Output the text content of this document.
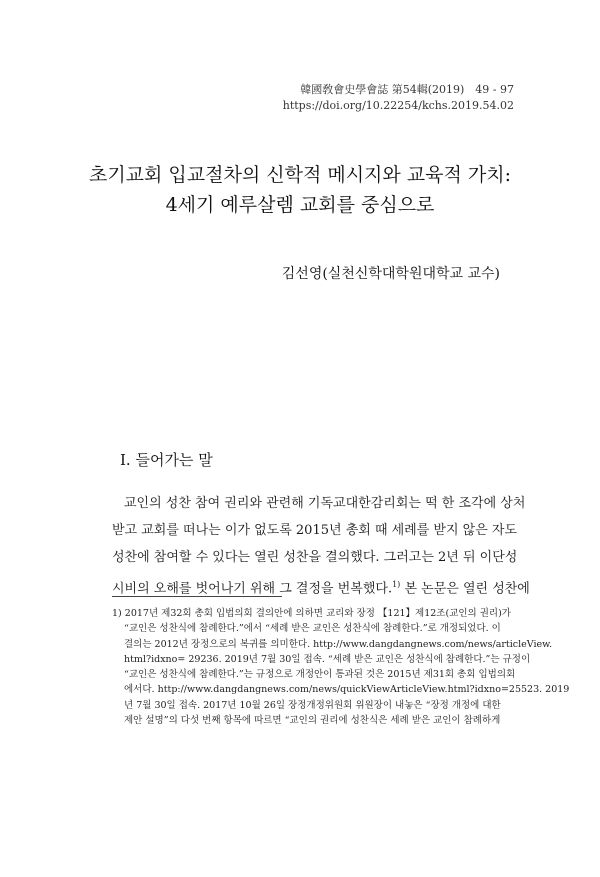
韓國敎會史學會誌 第54輯(2019)　49 - 97
https://doi.org/10.22254/kchs.2019.54.02
초기교회 입교절차의 신학적 메시지와 교육적 가치:
4세기 예루살렘 교회를 중심으로
김선영(실천신학대학원대학교 교수)
I. 들어가는 말
교인의 성찬 참여 권리와 관련해 기독교대한감리회는 떡 한 조각에 상처
받고 교회를 떠나는 이가 없도록 2015년 총회 때 세례를 받지 않은 자도
성찬에 참여할 수 있다는 열린 성찬을 결의했다. 그러고는 2년 뒤 이단성
시비의 오해를 벗어나기 위해 그 결정을 번복했다.$^{1)}$ 본 논문은 열린 성찬에
1) 2017년 제32회 총회 입법의회 결의안에 의하면 교리와 장정 【121】제12조(교인의 권리)가
“교인은 성찬식에 참례한다.”에서 “세례 받은 교인은 성찬식에 참례한다.”로 개정되었다. 이
결의는 2012년 장정으로의 복귀를 의미한다. http://www.dangdangnews.com/news/articleView.
html?idxno= 29236. 2019년 7월 30일 접속. “세례 받은 교인은 성찬식에 참례한다.”는 규정이
“교인은 성찬식에 참례한다.”는 규정으로 개정안이 통과된 것은 2015년 제31회 총회 입법의회
에서다. http://www.dangdangnews.com/news/quickViewArticleView.html?idxno=25523. 2019
년 7월 30일 접속. 2017년 10월 26일 장정개정위원회 위원장이 내놓은 “장정 개정에 대한
제안 설명”의 다섯 번째 항목에 따르면 “교인의 권리에 성찬식은 세례 받은 교인이 참례하게
